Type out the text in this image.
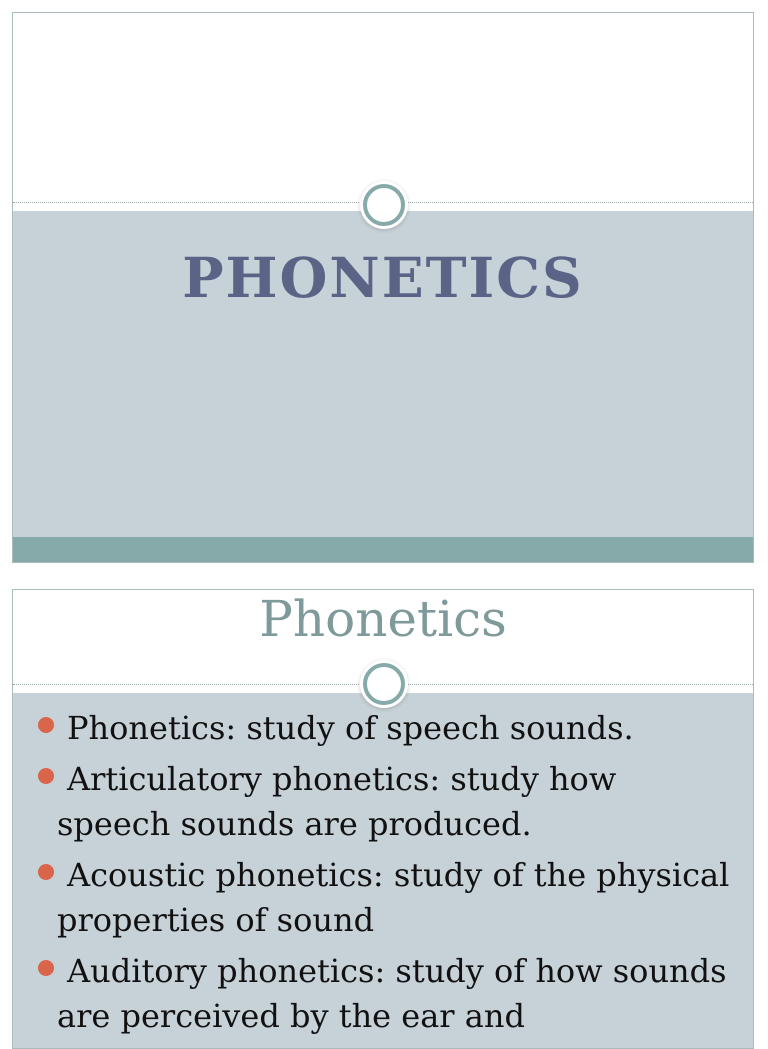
PHONETICS
Phonetics
Phonetics: study of speech sounds.
Articulatory phonetics: study how speech sounds are produced.
Acoustic phonetics: study of the physical properties of sound
Auditory phonetics: study of how sounds are perceived by the ear and
